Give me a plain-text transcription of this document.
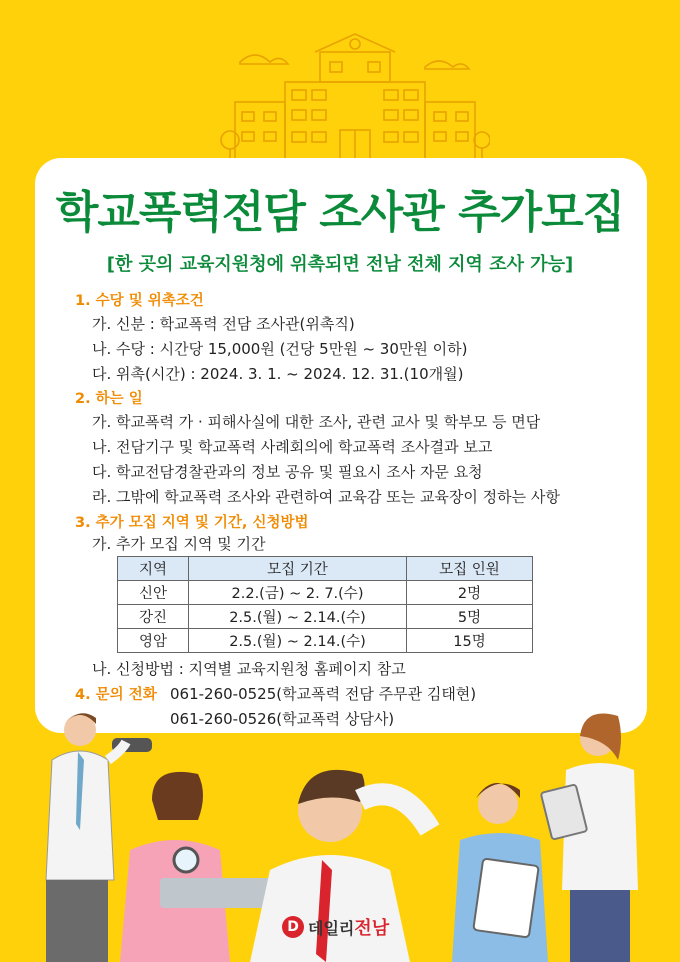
학교폭력전담 조사관 추가모집
[한 곳의 교육지원청에 위촉되면 전남 전체 지역 조사 가능]
1. 수당 및 위촉조건
가. 신분 : 학교폭력 전담 조사관(위촉직)
나. 수당 : 시간당 15,000원 (건당 5만원 ~ 30만원 이하)
다. 위촉(시간) : 2024. 3. 1. ~ 2024. 12. 31.(10개월)
2. 하는 일
가. 학교폭력 가 · 피해사실에 대한 조사, 관련 교사 및 학부모 등 면담
나. 전담기구 및 학교폭력 사례회의에 학교폭력 조사결과 보고
다. 학교전담경찰관과의 정보 공유 및 필요시 조사 자문 요청
라. 그밖에 학교폭력 조사와 관련하여 교육감 또는 교육장이 정하는 사항
3. 추가 모집 지역 및 기간, 신청방법
가. 추가 모집 지역 및 기간
지역	모집 기간	모집 인원
신안	2.2.(금) ~ 2. 7.(수)	2명
강진	2.5.(월) ~ 2.14.(수)	5명
영암	2.5.(월) ~ 2.14.(수)	15명
나. 신청방법 : 지역별 교육지원청 홈페이지 참고
4. 문의 전화 061-260-0525(학교폭력 전담 주무관 김태현)
061-260-0526(학교폭력 상담사)
D 데일리 전남
